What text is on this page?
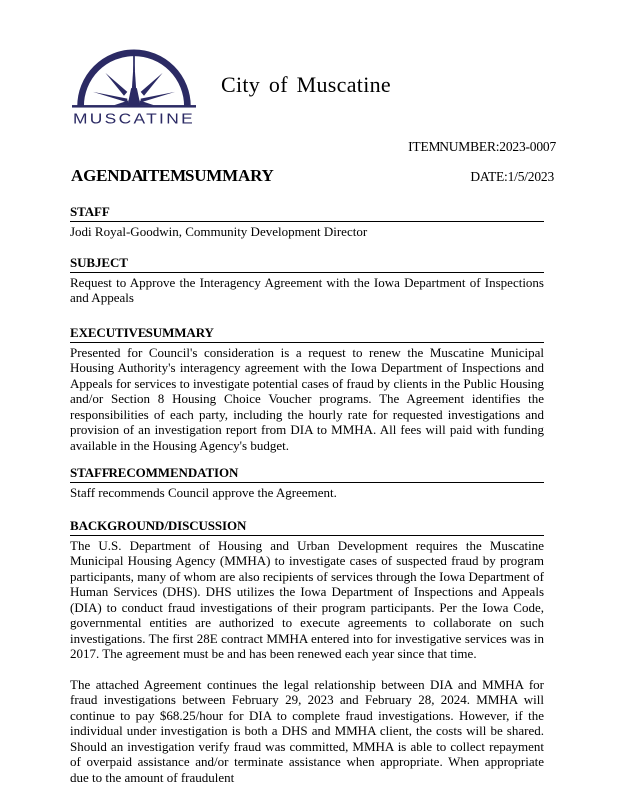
MUSCATINE
City of Muscatine
ITEM NUMBER: 2023-0007
AGENDA ITEM SUMMARY	DATE: 1/5/2023
STAFF
Jodi Royal-Goodwin, Community Development Director
SUBJECT
Request to Approve the Interagency Agreement with the Iowa Department of Inspections and Appeals
EXECUTIVE SUMMARY
Presented for Council's consideration is a request to renew the Muscatine Municipal Housing Authority's interagency agreement with the Iowa Department of Inspections and Appeals for services to investigate potential cases of fraud by clients in the Public Housing and/or Section 8 Housing Choice Voucher programs. The Agreement identifies the responsibilities of each party, including the hourly rate for requested investigations and provision of an investigation report from DIA to MMHA. All fees will paid with funding available in the Housing Agency's budget.
STAFF RECOMMENDATION
Staff recommends Council approve the Agreement.
BACKGROUND/DISCUSSION

The U.S. Department of Housing and Urban Development requires the Muscatine Municipal Housing Agency (MMHA) to investigate cases of suspected fraud by program participants, many of whom are also recipients of services through the Iowa Department of Human Services (DHS). DHS utilizes the Iowa Department of Inspections and Appeals (DIA) to conduct fraud investigations of their program participants. Per the Iowa Code, governmental entities are authorized to execute agreements to collaborate on such investigations. The first 28E contract MMHA entered into for investigative services was in 2017. The agreement must be and has been renewed each year since that time.

The attached Agreement continues the legal relationship between DIA and MMHA for fraud investigations between February 29, 2023 and February 28, 2024. MMHA will continue to pay $68.25/hour for DIA to complete fraud investigations. However, if the individual under investigation is both a DHS and MMHA client, the costs will be shared. Should an investigation verify fraud was committed, MMHA is able to collect repayment of overpaid assistance and/or terminate assistance when appropriate. When appropriate due to the amount of fraudulent
